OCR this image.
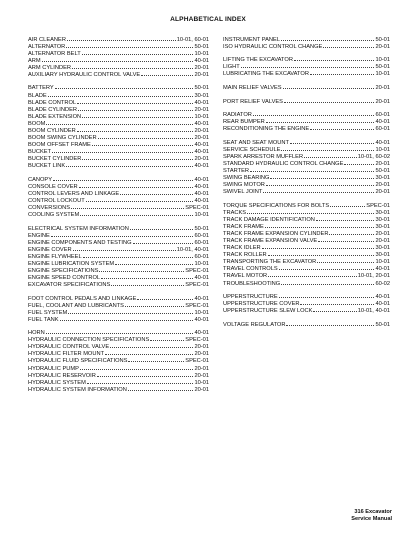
ALPHABETICAL INDEX
AIR CLEANER	10-01, 60-01
ALTERNATOR	50-01
ALTERNATOR BELT	10-01
ARM	40-01
ARM CYLINDER	20-01
AUXILIARY HYDRAULIC CONTROL VALVE	20-01
BATTERY	50-01
BLADE	30-01
BLADE CONTROL	40-01
BLADE CYLINDER	20-01
BLADE EXTENSION	10-01
BOOM	40-01
BOOM CYLINDER	20-01
BOOM SWING CYLINDER	20-01
BOOM OFFSET FRAME	40-01
BUCKET	40-01
BUCKET CYLINDER	20-01
BUCKET LINK	40-01
CANOPY	40-01
CONSOLE COVER	40-01
CONTROL LEVERS AND LINKAGE	40-01
CONTROL LOCKOUT	40-01
CONVERSIONS	SPEC-01
COOLING SYSTEM	10-01
ELECTRICAL SYSTEM INFORMATION	50-01
ENGINE	60-01
ENGINE COMPONENTS AND TESTING	60-01
ENGINE COVER	10-01, 40-01
ENGINE FLYWHEEL	60-01
ENGINE LUBRICATION SYSTEM	10-01
ENGINE SPECIFICATIONS	SPEC-01
ENGINE SPEED CONTROL	40-01
EXCAVATOR SPECIFICATIONS	SPEC-01
FOOT CONTROL PEDALS AND LINKAGE	40-01
FUEL, COOLANT AND LUBRICANTS	SPEC-01
FUEL SYSTEM	10-01
FUEL TANK	40-01
HORN	40-01
HYDRAULIC CONNECTION SPECIFICATIONS	SPEC-01
HYDRAULIC CONTROL VALVE	20-01
HYDRAULIC FILTER MOUNT	20-01
HYDRAULIC FLUID SPECIFICATIONS	SPEC-01
HYDRAULIC PUMP	20-01
HYDRAULIC RESERVOIR	20-01
HYDRAULIC SYSTEM	10-01
HYDRAULIC SYSTEM INFORMATION	20-01
INSTRUMENT PANEL	50-01
ISO HYDRAULIC CONTROL CHANGE	20-01
LIFTING THE EXCAVATOR	10-01
LIGHT	50-01
LUBRICATING THE EXCAVATOR	10-01
MAIN RELIEF VALVES	20-01
PORT RELIEF VALVES	20-01
RADIATOR	60-01
REAR BUMPER	40-01
RECONDITIONING THE ENGINE	60-01
SEAT AND SEAT MOUNT	40-01
SERVICE SCHEDULE	10-01
SPARK ARRESTOR MUFFLER	10-01, 60-02
STANDARD HYDRAULIC CONTROL CHANGE	20-01
STARTER	50-01
SWING BEARING	30-01
SWING MOTOR	20-01
SWIVEL JOINT	20-01
TORQUE SPECIFICATIONS FOR BOLTS	SPEC-01
TRACKS	30-01
TRACK DAMAGE IDENTIFICATION	30-01
TRACK FRAME	30-01
TRACK FRAME EXPANSION CYLINDER	20-01
TRACK FRAME EXPANSION VALVE	20-01
TRACK IDLER	30-01
TRACK ROLLER	30-01
TRANSPORTING THE EXCAVATOR	10-01
TRAVEL CONTROLS	40-01
TRAVEL MOTOR	10-01, 20-01
TROUBLESHOOTING	60-02
UPPERSTRUCTURE	40-01
UPPERSTRUCTURE COVER	40-01
UPPERSTRUCTURE SLEW LOCK	10-01, 40-01
VOLTAGE REGULATOR	50-01
316 Excavator
Service Manual
